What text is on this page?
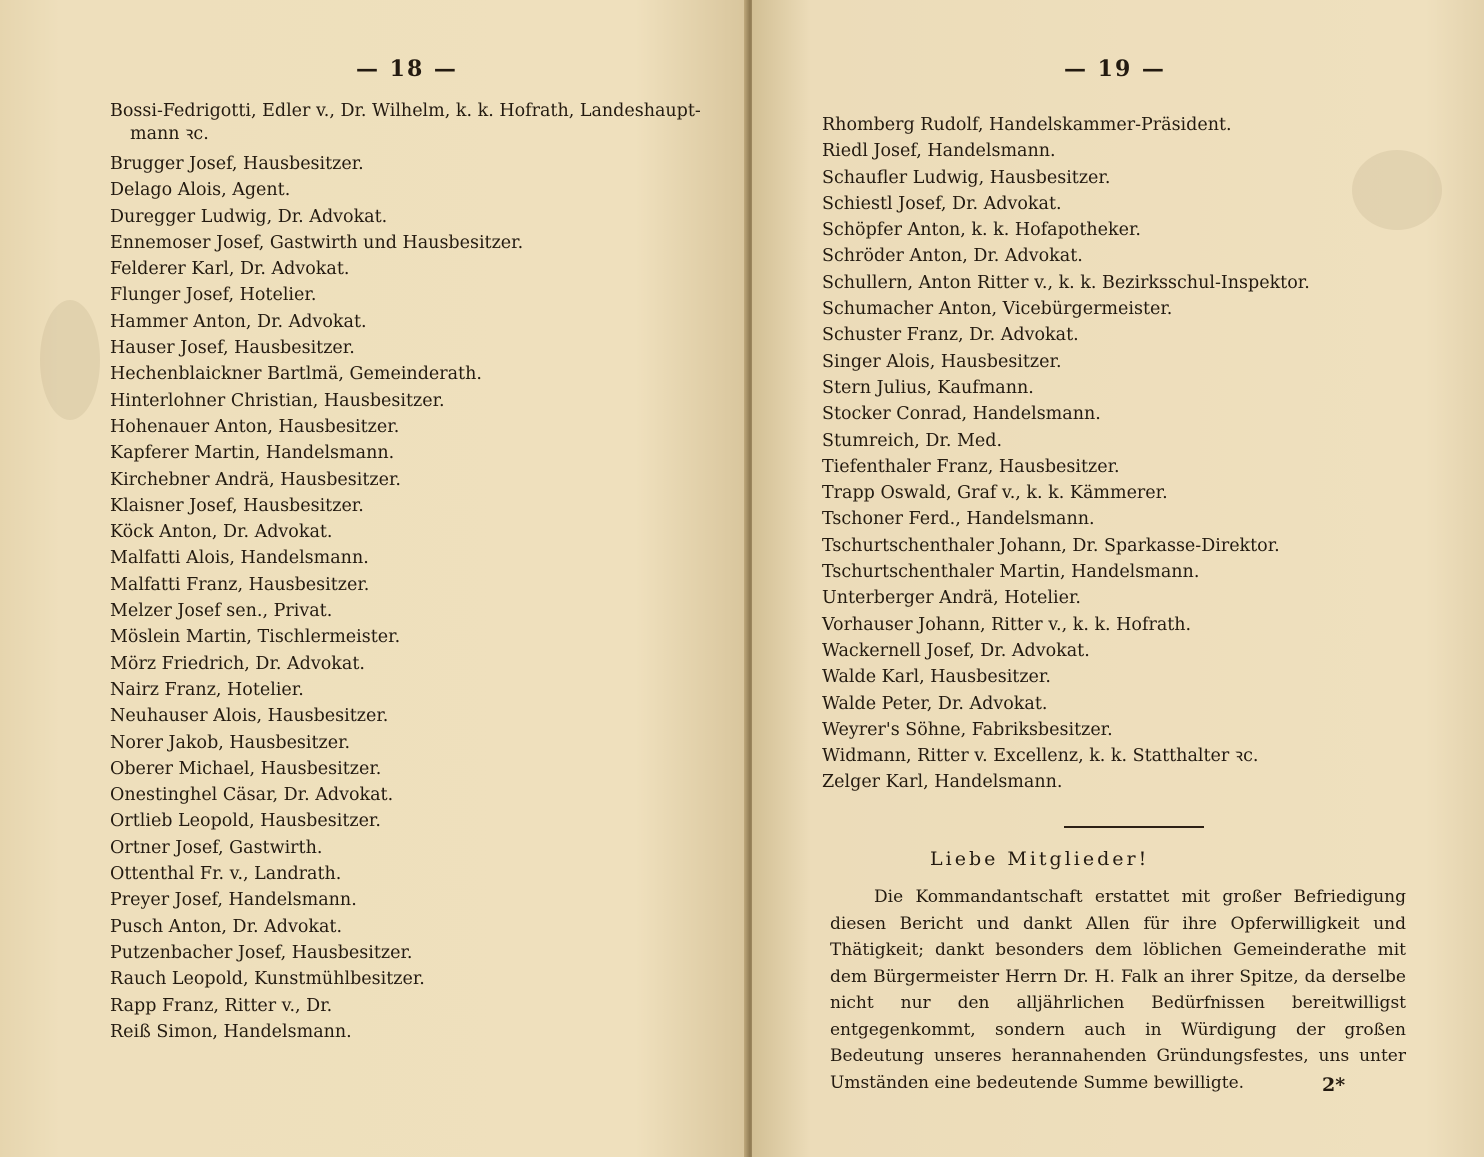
— 18 —
Bossi-Fedrigotti, Edler v., Dr. Wilhelm, k. k. Hofrath, Landeshaupt-
mann ꝛc.
Brugger Josef, Hausbesitzer.
Delago Alois, Agent.
Duregger Ludwig, Dr. Advokat.
Ennemoser Josef, Gastwirth und Hausbesitzer.
Felderer Karl, Dr. Advokat.
Flunger Josef, Hotelier.
Hammer Anton, Dr. Advokat.
Hauser Josef, Hausbesitzer.
Hechenblaickner Bartlmä, Gemeinderath.
Hinterlohner Christian, Hausbesitzer.
Hohenauer Anton, Hausbesitzer.
Kapferer Martin, Handelsmann.
Kirchebner Andrä, Hausbesitzer.
Klaisner Josef, Hausbesitzer.
Köck Anton, Dr. Advokat.
Malfatti Alois, Handelsmann.
Malfatti Franz, Hausbesitzer.
Melzer Josef sen., Privat.
Möslein Martin, Tischlermeister.
Mörz Friedrich, Dr. Advokat.
Nairz Franz, Hotelier.
Neuhauser Alois, Hausbesitzer.
Norer Jakob, Hausbesitzer.
Oberer Michael, Hausbesitzer.
Onestinghel Cäsar, Dr. Advokat.
Ortlieb Leopold, Hausbesitzer.
Ortner Josef, Gastwirth.
Ottenthal Fr. v., Landrath.
Preyer Josef, Handelsmann.
Pusch Anton, Dr. Advokat.
Putzenbacher Josef, Hausbesitzer.
Rauch Leopold, Kunstmühlbesitzer.
Rapp Franz, Ritter v., Dr.
Reiß Simon, Handelsmann.
— 19 —
Rhomberg Rudolf, Handelskammer-Präsident.
Riedl Josef, Handelsmann.
Schaufler Ludwig, Hausbesitzer.
Schiestl Josef, Dr. Advokat.
Schöpfer Anton, k. k. Hofapotheker.
Schröder Anton, Dr. Advokat.
Schullern, Anton Ritter v., k. k. Bezirksschul-Inspektor.
Schumacher Anton, Vicebürgermeister.
Schuster Franz, Dr. Advokat.
Singer Alois, Hausbesitzer.
Stern Julius, Kaufmann.
Stocker Conrad, Handelsmann.
Stumreich, Dr. Med.
Tiefenthaler Franz, Hausbesitzer.
Trapp Oswald, Graf v., k. k. Kämmerer.
Tschoner Ferd., Handelsmann.
Tschurtschenthaler Johann, Dr. Sparkasse-Direktor.
Tschurtschenthaler Martin, Handelsmann.
Unterberger Andrä, Hotelier.
Vorhauser Johann, Ritter v., k. k. Hofrath.
Wackernell Josef, Dr. Advokat.
Walde Karl, Hausbesitzer.
Walde Peter, Dr. Advokat.
Weyrer's Söhne, Fabriksbesitzer.
Widmann, Ritter v. Excellenz, k. k. Statthalter ꝛc.
Zelger Karl, Handelsmann.
Liebe Mitglieder!

Die Kommandantschaft erstattet mit großer Befriedigung diesen Bericht und dankt Allen für ihre Opferwilligkeit und Thätigkeit; dankt besonders dem löblichen Gemeinderathe mit dem Bürgermeister Herrn Dr. H. Falk an ihrer Spitze, da derselbe nicht nur den alljährlichen Bedürfnissen bereitwilligst entgegenkommt, sondern auch in Würdigung der großen Bedeutung unseres herannahenden Gründungsfestes, uns unter Umständen eine bedeutende Summe bewilligte.	2*
